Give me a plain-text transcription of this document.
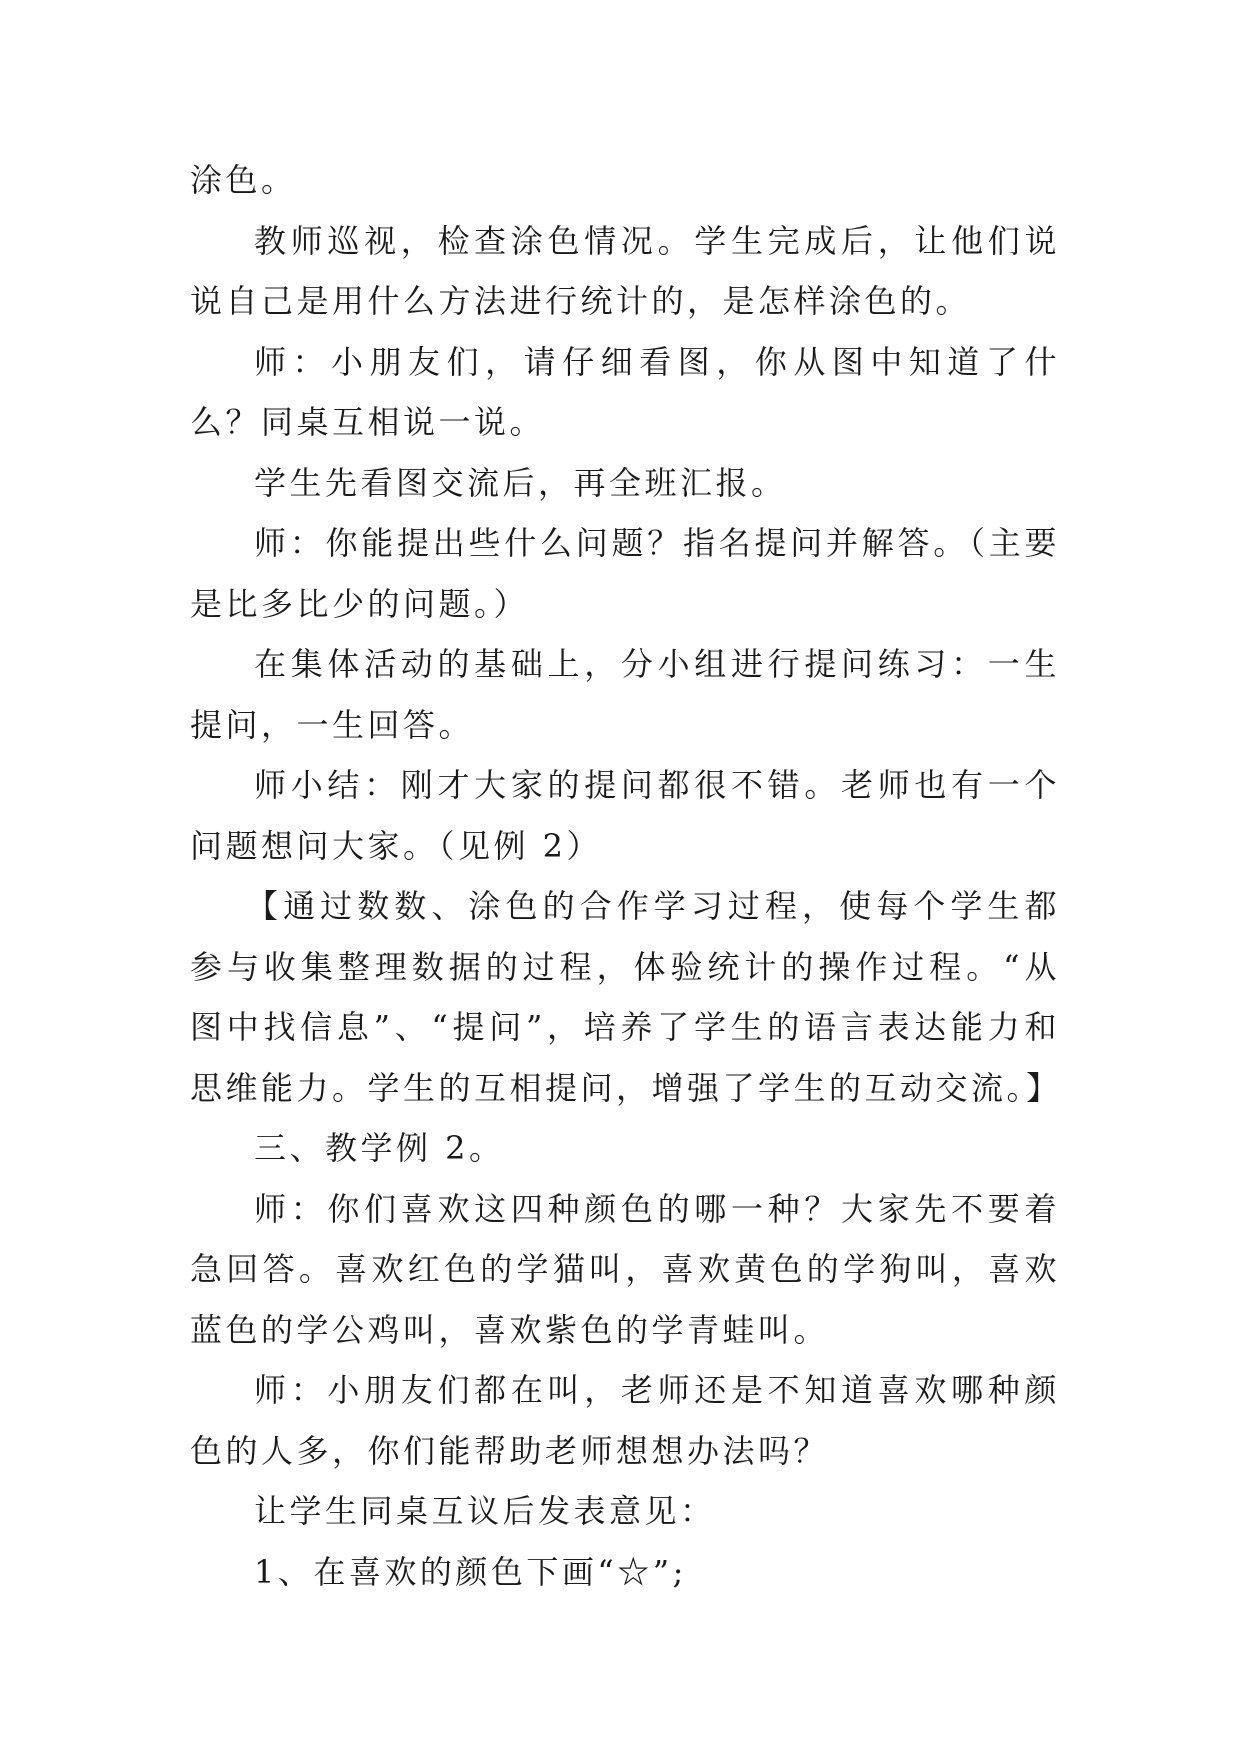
涂色。

教师巡视，检查涂色情况。学生完成后，让他们说说自己是用什么方法进行统计的，是怎样涂色的。

师：小朋友们，请仔细看图，你从图中知道了什么？同桌互相说一说。

学生先看图交流后，再全班汇报。

师：你能提出些什么问题？指名提问并解答。（主要是比多比少的问题。）

在集体活动的基础上，分小组进行提问练习：一生提问，一生回答。

师小结：刚才大家的提问都很不错。老师也有一个问题想问大家。（见例 2）

【通过数数、涂色的合作学习过程，使每个学生都参与收集整理数据的过程，体验统计的操作过程。“从图中找信息”、“提问”，培养了学生的语言表达能力和思维能力。学生的互相提问，增强了学生的互动交流。】

三、教学例 2。

师：你们喜欢这四种颜色的哪一种？大家先不要着急回答。喜欢红色的学猫叫，喜欢黄色的学狗叫，喜欢蓝色的学公鸡叫，喜欢紫色的学青蛙叫。

师：小朋友们都在叫，老师还是不知道喜欢哪种颜色的人多，你们能帮助老师想想办法吗？

让学生同桌互议后发表意见：

1、在喜欢的颜色下画“☆”;
